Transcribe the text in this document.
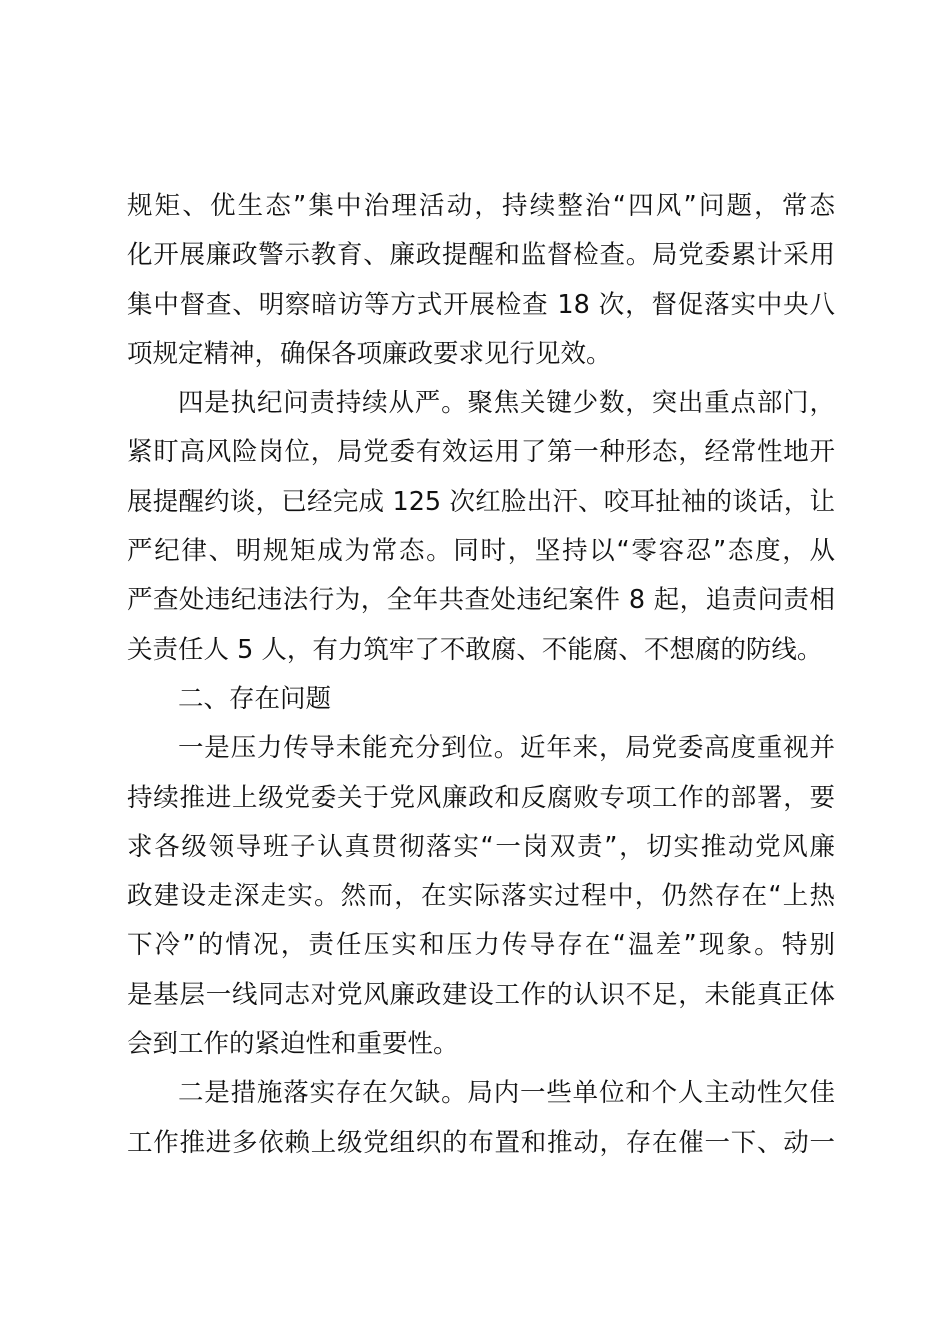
规矩、优生态”集中治理活动，持续整治“四风”问题，常态
化开展廉政警示教育、廉政提醒和监督检查。局党委累计采用
集中督查、明察暗访等方式开展检查 18 次，督促落实中央八
项规定精神，确保各项廉政要求见行见效。
四是执纪问责持续从严。聚焦关键少数，突出重点部门，
紧盯高风险岗位，局党委有效运用了第一种形态，经常性地开
展提醒约谈，已经完成 125 次红脸出汗、咬耳扯袖的谈话，让
严纪律、明规矩成为常态。同时，坚持以“零容忍”态度，从
严查处违纪违法行为，全年共查处违纪案件 8 起，追责问责相
关责任人 5 人，有力筑牢了不敢腐、不能腐、不想腐的防线。
二、存在问题
一是压力传导未能充分到位。近年来，局党委高度重视并
持续推进上级党委关于党风廉政和反腐败专项工作的部署，要
求各级领导班子认真贯彻落实“一岗双责”，切实推动党风廉
政建设走深走实。然而，在实际落实过程中，仍然存在“上热
下冷”的情况，责任压实和压力传导存在“温差”现象。特别
是基层一线同志对党风廉政建设工作的认识不足，未能真正体
会到工作的紧迫性和重要性。
二是措施落实存在欠缺。局内一些单位和个人主动性欠佳
工作推进多依赖上级党组织的布置和推动，存在催一下、动一
